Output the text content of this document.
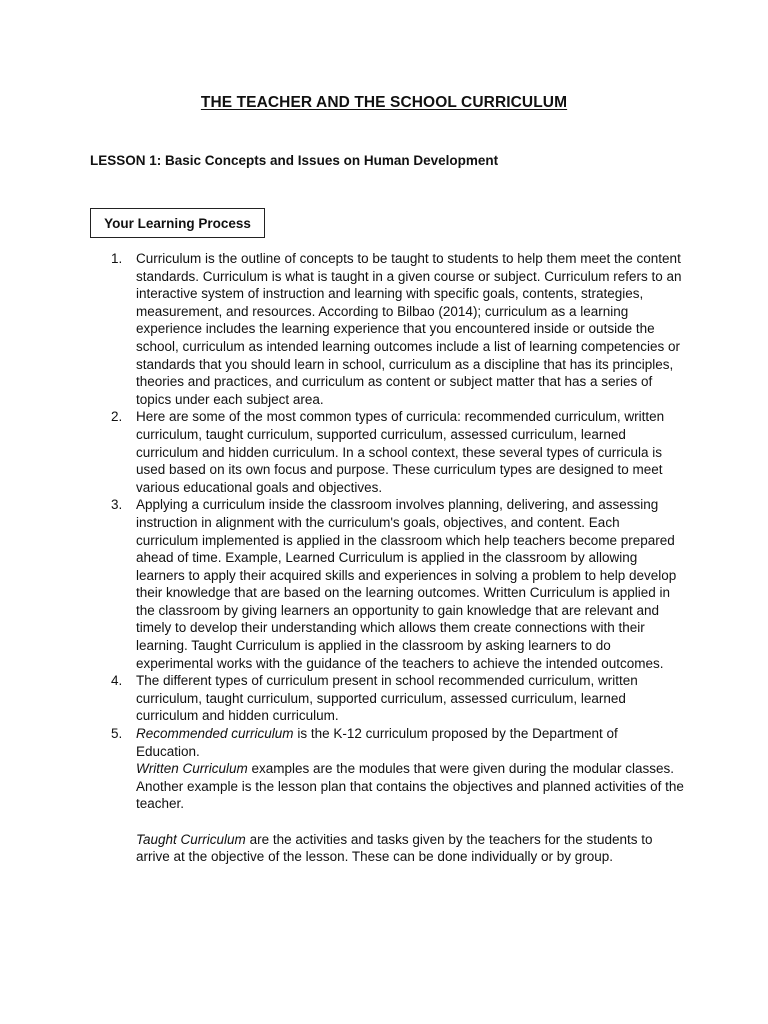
THE TEACHER AND THE SCHOOL CURRICULUM
LESSON 1: Basic Concepts and Issues on Human Development
Your Learning Process
1. Curriculum is the outline of concepts to be taught to students to help them meet the content standards. Curriculum is what is taught in a given course or subject. Curriculum refers to an interactive system of instruction and learning with specific goals, contents, strategies, measurement, and resources. According to Bilbao (2014); curriculum as a learning experience includes the learning experience that you encountered inside or outside the school, curriculum as intended learning outcomes include a list of learning competencies or standards that you should learn in school, curriculum as a discipline that has its principles, theories and practices, and curriculum as content or subject matter that has a series of topics under each subject area.

2. Here are some of the most common types of curricula: recommended curriculum, written curriculum, taught curriculum, supported curriculum, assessed curriculum, learned curriculum and hidden curriculum. In a school context, these several types of curricula is used based on its own focus and purpose. These curriculum types are designed to meet various educational goals and objectives.

3. Applying a curriculum inside the classroom involves planning, delivering, and assessing instruction in alignment with the curriculum's goals, objectives, and content. Each curriculum implemented is applied in the classroom which help teachers become prepared ahead of time. Example, Learned Curriculum is applied in the classroom by allowing learners to apply their acquired skills and experiences in solving a problem to help develop their knowledge that are based on the learning outcomes. Written Curriculum is applied in the classroom by giving learners an opportunity to gain knowledge that are relevant and timely to develop their understanding which allows them create connections with their learning. Taught Curriculum is applied in the classroom by asking learners to do experimental works with the guidance of the teachers to achieve the intended outcomes.

4. The different types of curriculum present in school recommended curriculum, written curriculum, taught curriculum, supported curriculum, assessed curriculum, learned curriculum and hidden curriculum.

5. Recommended curriculum is the K-12 curriculum proposed by the Department of Education.

Written Curriculum examples are the modules that were given during the modular classes. Another example is the lesson plan that contains the objectives and planned activities of the teacher.

Taught Curriculum are the activities and tasks given by the teachers for the students to arrive at the objective of the lesson. These can be done individually or by group.
